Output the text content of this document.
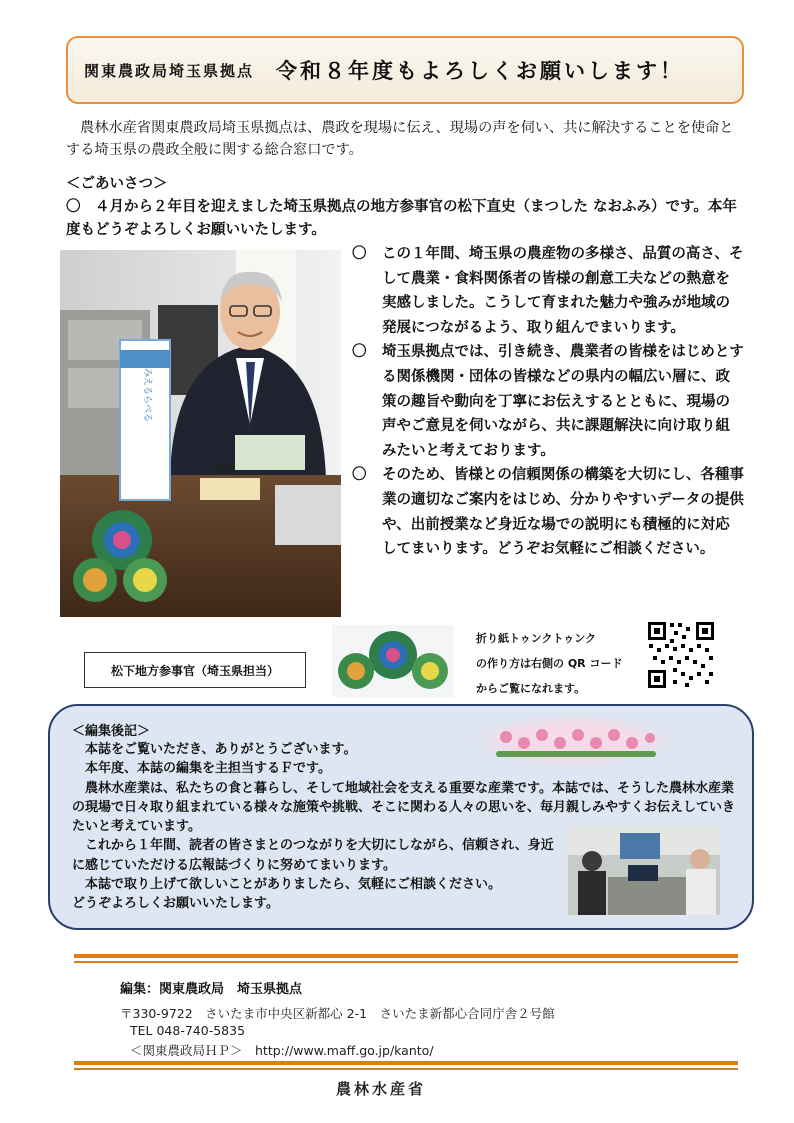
関東農政局埼玉県拠点 令和８年度もよろしくお願いします！
農林水産省関東農政局埼玉県拠点は、農政を現場に伝え、現場の声を伺い、共に解決することを使命とする埼玉県の農政全般に関する総合窓口です。
＜ごあいさつ＞
〇　４月から２年目を迎えました埼玉県拠点の地方参事官の松下直史（まつした なおふみ）です。本年度もどうぞよろしくお願いいたします。
みえるらべる
〇	この１年間、埼玉県の農産物の多様さ、品質の高さ、そして農業・食料関係者の皆様の創意工夫などの熱意を実感しました。こうして育まれた魅力や強みが地域の発展につながるよう、取り組んでまいります。
〇	埼玉県拠点では、引き続き、農業者の皆様をはじめとする関係機関・団体の皆様などの県内の幅広い層に、政策の趣旨や動向を丁寧にお伝えするとともに、現場の声やご意見を伺いながら、共に課題解決に向け取り組みたいと考えております。
〇	そのため、皆様との信頼関係の構築を大切にし、各種事業の適切なご案内をはじめ、分かりやすいデータの提供や、出前授業など身近な場での説明にも積極的に対応してまいります。どうぞお気軽にご相談ください。
松下地方参事官（埼玉県担当）
折り紙トゥンクトゥンク
の作り方は右側の QR コード
からご覧になれます。
＜編集後記＞

　本誌をご覧いただき、ありがとうございます。

　本年度、本誌の編集を主担当するＦです。

　農林水産業は、私たちの食と暮らし、そして地域社会を支える重要な産業です。本誌では、そうした農林水産業の現場で日々取り組まれている様々な施策や挑戦、そこに関わる人々の思いを、毎月親しみやすくお伝えしていきたいと考えています。

　これから１年間、読者の皆さまとのつながりを大切にしながら、信頼され、身近に感じていただける広報誌づくりに努めてまいります。

　本誌で取り上げて欲しいことがありましたら、気軽にご相談ください。

どうぞよろしくお願いいたします。

編集：関東農政局　埼玉県拠点
〒330-9722　さいたま市中央区新都心 2-1　さいたま新都心合同庁舎２号館
TEL 048-740-5835
＜関東農政局ＨＰ＞　http://www.maff.go.jp/kanto/
農林水産省
